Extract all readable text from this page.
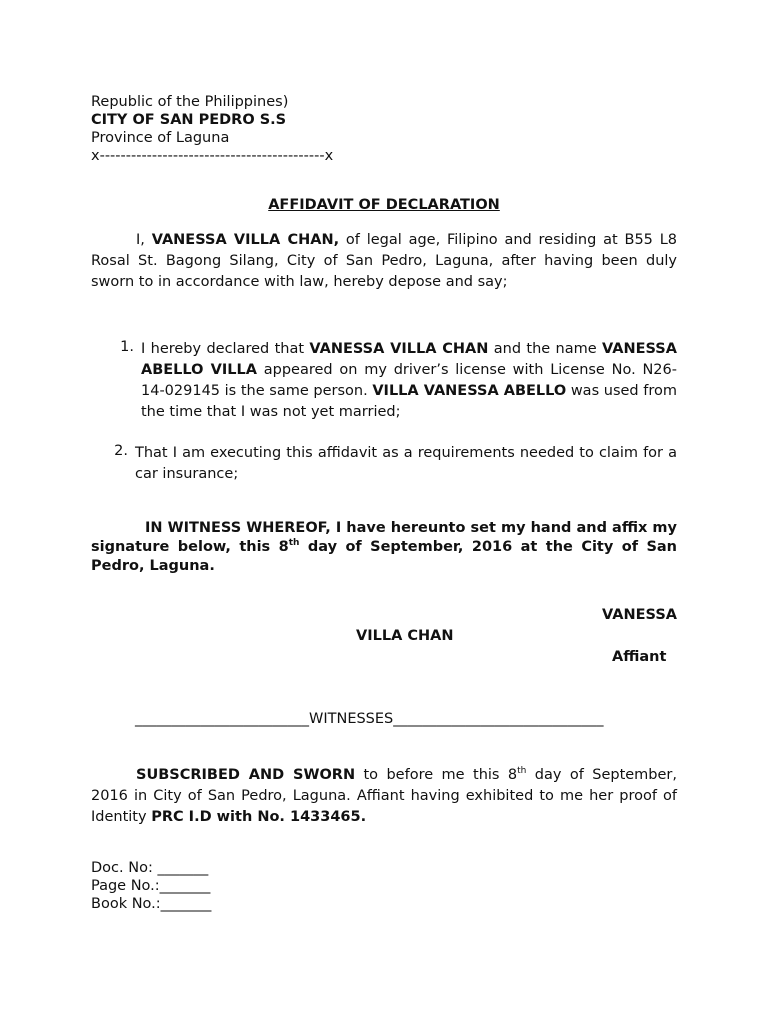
Republic of the Philippines)
CITY OF SAN PEDRO S.S
Province of Laguna
x-------------------------------------------x
AFFIDAVIT OF DECLARATION
I, VANESSA VILLA CHAN, of legal age, Filipino and residing at B55 L8 Rosal St. Bagong Silang, City of San Pedro, Laguna, after having been duly sworn to in accordance with law, hereby depose and say;
1. I hereby declared that VANESSA VILLA CHAN and the name VANESSA ABELLO VILLA appeared on my driver’s license with License No. N26-14-029145 is the same person. VILLA VANESSA ABELLO was used from the time that I was not yet married;
2. That I am executing this affidavit as a requirements needed to claim for a car insurance;
IN WITNESS WHEREOF, I have hereunto set my hand and affix my signature below, this 8th day of September, 2016 at the City of San Pedro, Laguna.
VANESSA
VILLA CHAN
Affiant
________________________WITNESSES_____________________________
SUBSCRIBED AND SWORN to before me this 8th day of September, 2016 in City of San Pedro, Laguna. Affiant having exhibited to me her proof of Identity PRC I.D with No. 1433465.
Doc. No: _______
Page No.:_______
Book No.:_______
